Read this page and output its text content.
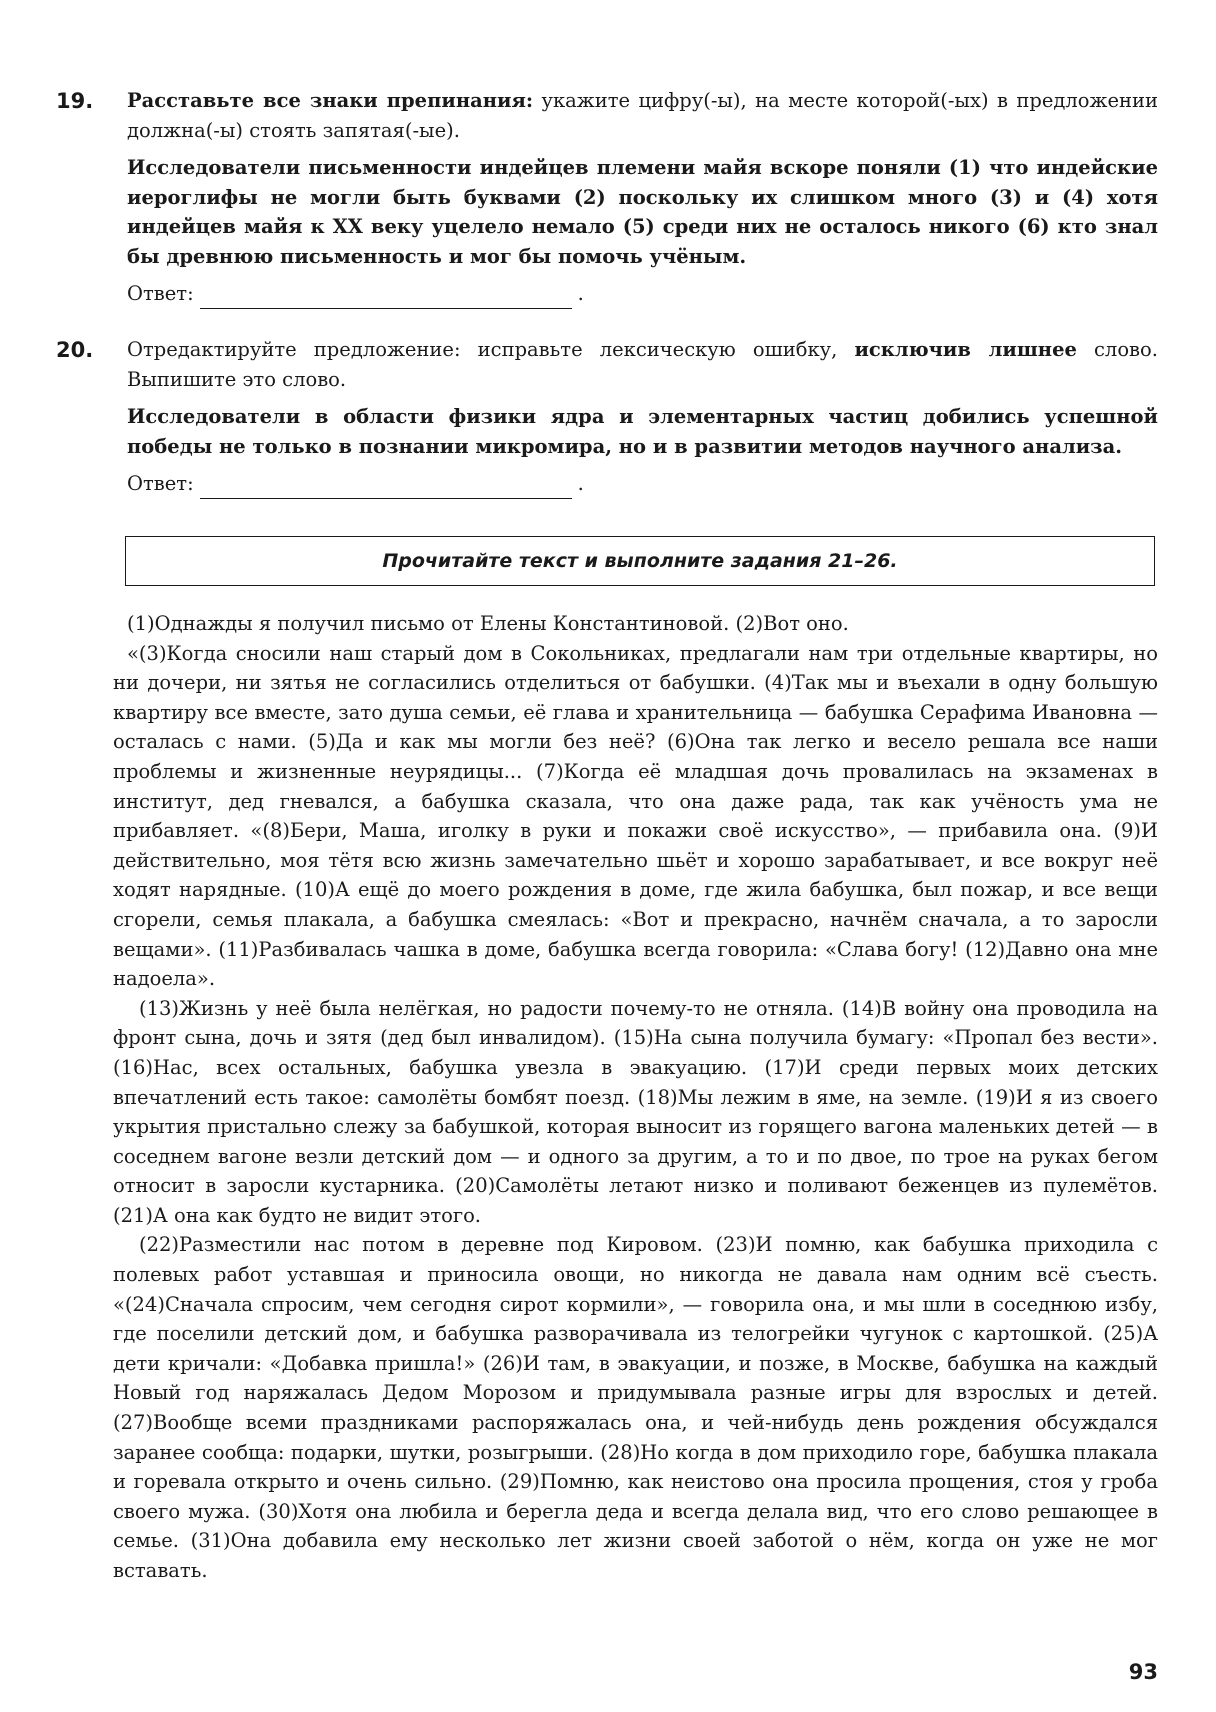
19. Расставьте все знаки препинания: укажите цифру(-ы), на месте которой(-ых) в предложении должна(-ы) стоять запятая(-ые).

Исследователи письменности индейцев племени майя вскоре поняли (1) что индейские иероглифы не могли быть буквами (2) поскольку их слишком много (3) и (4) хотя индейцев майя к XX веку уцелело немало (5) среди них не осталось никого (6) кто знал бы древнюю письменность и мог бы помочь учёным.

Ответ:	.
20. Отредактируйте предложение: исправьте лексическую ошибку, исключив лишнее слово. Выпишите это слово.

Исследователи в области физики ядра и элементарных частиц добились успешной победы не только в познании микромира, но и в развитии методов научного анализа.

Ответ:	.
Прочитайте текст и выполните задания 21–26.

(1)Однажды я получил письмо от Елены Константиновой. (2)Вот оно.

«(3)Когда сносили наш старый дом в Сокольниках, предлагали нам три отдельные квартиры, но ни дочери, ни зятья не согласились отделиться от бабушки. (4)Так мы и въехали в одну большую квартиру все вместе, зато душа семьи, её глава и хранительница — бабушка Серафима Ивановна — осталась с нами. (5)Да и как мы могли без неё? (6)Она так легко и весело решала все наши проблемы и жизненные неурядицы... (7)Когда её младшая дочь провалилась на экзаменах в институт, дед гневался, а бабушка сказала, что она даже рада, так как учёность ума не прибавляет. «(8)Бери, Маша, иголку в руки и покажи своё искусство», — прибавила она. (9)И действительно, моя тётя всю жизнь замечательно шьёт и хорошо зарабатывает, и все вокруг неё ходят нарядные. (10)А ещё до моего рождения в доме, где жила бабушка, был пожар, и все вещи сгорели, семья плакала, а бабушка смеялась: «Вот и прекрасно, начнём сначала, а то заросли вещами». (11)Разбивалась чашка в доме, бабушка всегда говорила: «Слава богу! (12)Давно она мне надоела».

(13)Жизнь у неё была нелёгкая, но радости почему-то не отняла. (14)В войну она проводила на фронт сына, дочь и зятя (дед был инвалидом). (15)На сына получила бумагу: «Пропал без вести». (16)Нас, всех остальных, бабушка увезла в эвакуацию. (17)И среди первых моих детских впечатлений есть такое: самолёты бомбят поезд. (18)Мы лежим в яме, на земле. (19)И я из своего укрытия пристально слежу за бабушкой, которая выносит из горящего вагона маленьких детей — в соседнем вагоне везли детский дом — и одного за другим, а то и по двое, по трое на руках бегом относит в заросли кустарника. (20)Самолёты летают низко и поливают беженцев из пулемётов. (21)А она как будто не видит этого.

(22)Разместили нас потом в деревне под Кировом. (23)И помню, как бабушка приходила с полевых работ уставшая и приносила овощи, но никогда не давала нам одним всё съесть. «(24)Сначала спросим, чем сегодня сирот кормили», — говорила она, и мы шли в соседнюю избу, где поселили детский дом, и бабушка разворачивала из телогрейки чугунок с картошкой. (25)А дети кричали: «Добавка пришла!» (26)И там, в эвакуации, и позже, в Москве, бабушка на каждый Новый год наряжалась Дедом Морозом и придумывала разные игры для взрослых и детей. (27)Вообще всеми праздниками распоряжалась она, и чей-нибудь день рождения обсуждался заранее сообща: подарки, шутки, розыгрыши. (28)Но когда в дом приходило горе, бабушка плакала и горевала открыто и очень сильно. (29)Помню, как неистово она просила прощения, стоя у гроба своего мужа. (30)Хотя она любила и берегла деда и всегда делала вид, что его слово решающее в семье. (31)Она добавила ему несколько лет жизни своей заботой о нём, когда он уже не мог вставать.

93
